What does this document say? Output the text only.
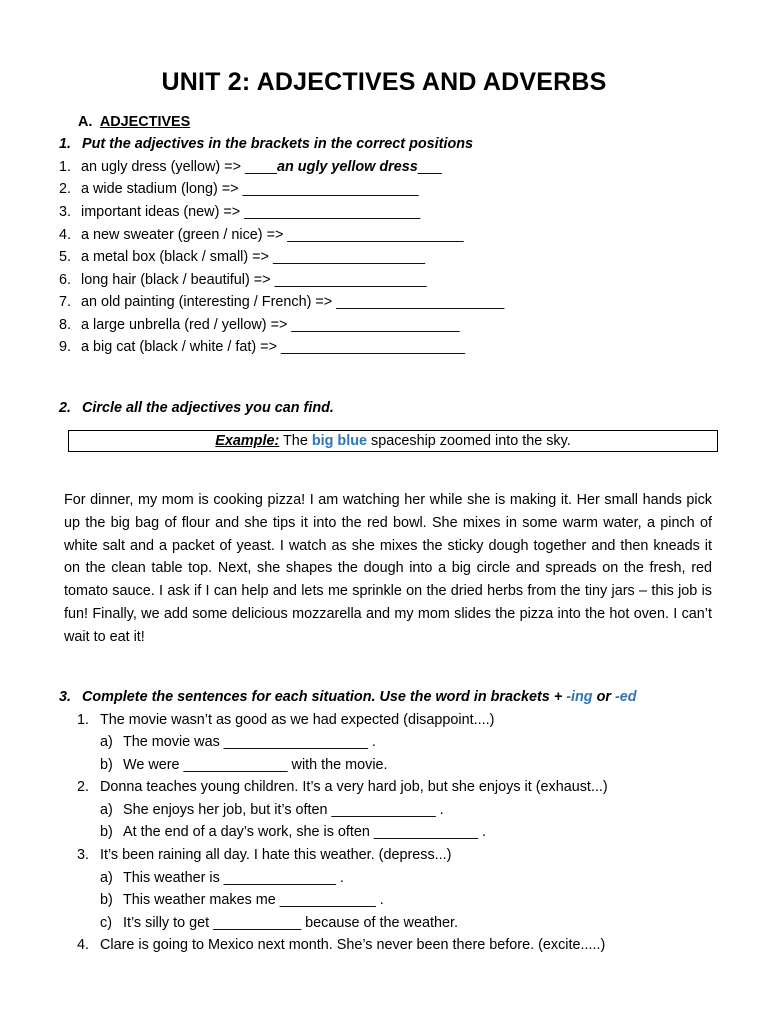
UNIT 2: ADJECTIVES AND ADVERBS
A. ADJECTIVES
1. Put the adjectives in the brackets in the correct positions
1. an ugly dress (yellow) => ____an ugly yellow dress___
2. a wide stadium (long) => ______________________
3. important ideas (new) => ______________________
4. a new sweater (green / nice) => ______________________
5. a metal box (black / small) => ___________________
6. long hair (black / beautiful) => ___________________
7. an old painting (interesting / French) => _____________________
8. a large unbrella (red / yellow) => _____________________
9. a big cat (black / white / fat) => _______________________
2. Circle all the adjectives you can find.
Example: The big blue spaceship zoomed into the sky.
For dinner, my mom is cooking pizza! I am watching her while she is making it. Her small hands pick up the big bag of flour and she tips it into the red bowl. She mixes in some warm water, a pinch of white salt and a packet of yeast. I watch as she mixes the sticky dough together and then kneads it on the clean table top. Next, she shapes the dough into a big circle and spreads on the fresh, red tomato sauce. I ask if I can help and lets me sprinkle on the dried herbs from the tiny jars – this job is fun! Finally, we add some delicious mozzarella and my mom slides the pizza into the hot oven. I can’t wait to eat it!
3. Complete the sentences for each situation. Use the word in brackets + -ing or -ed
1. The movie wasn’t as good as we had expected (disappoint....)
a) The movie was __________________ .
b) We were _____________ with the movie.
2. Donna teaches young children. It’s a very hard job, but she enjoys it (exhaust...)
a) She enjoys her job, but it’s often _____________ .
b) At the end of a day’s work, she is often _____________ .
3. It’s been raining all day. I hate this weather. (depress...)
a) This weather is ______________ .
b) This weather makes me ____________ .
c) It’s silly to get ___________ because of the weather.
4. Clare is going to Mexico next month. She’s never been there before. (excite.....)
